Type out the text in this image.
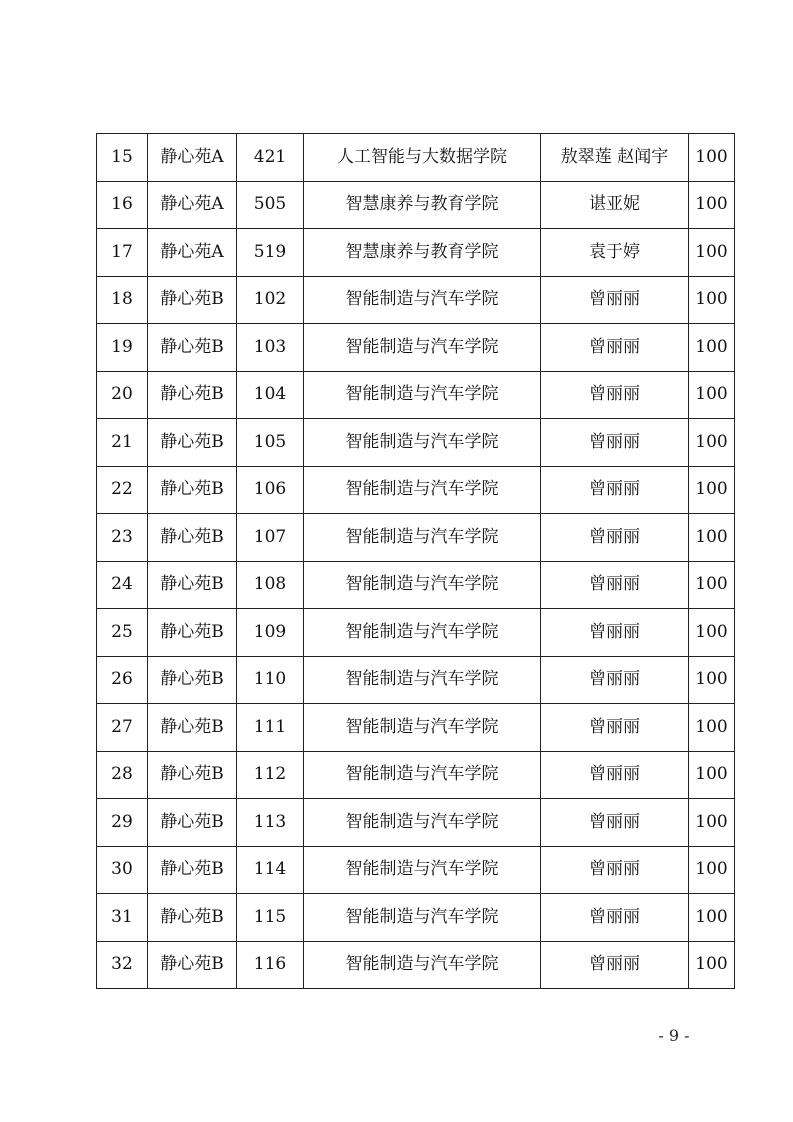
15	静心苑A	421	人工智能与大数据学院	敖翠莲 赵闻宇	100
16	静心苑A	505	智慧康养与教育学院	谌亚妮	100
17	静心苑A	519	智慧康养与教育学院	袁于婷	100
18	静心苑B	102	智能制造与汽车学院	曾丽丽	100
19	静心苑B	103	智能制造与汽车学院	曾丽丽	100
20	静心苑B	104	智能制造与汽车学院	曾丽丽	100
21	静心苑B	105	智能制造与汽车学院	曾丽丽	100
22	静心苑B	106	智能制造与汽车学院	曾丽丽	100
23	静心苑B	107	智能制造与汽车学院	曾丽丽	100
24	静心苑B	108	智能制造与汽车学院	曾丽丽	100
25	静心苑B	109	智能制造与汽车学院	曾丽丽	100
26	静心苑B	110	智能制造与汽车学院	曾丽丽	100
27	静心苑B	111	智能制造与汽车学院	曾丽丽	100
28	静心苑B	112	智能制造与汽车学院	曾丽丽	100
29	静心苑B	113	智能制造与汽车学院	曾丽丽	100
30	静心苑B	114	智能制造与汽车学院	曾丽丽	100
31	静心苑B	115	智能制造与汽车学院	曾丽丽	100
32	静心苑B	116	智能制造与汽车学院	曾丽丽	100
- 9 -
